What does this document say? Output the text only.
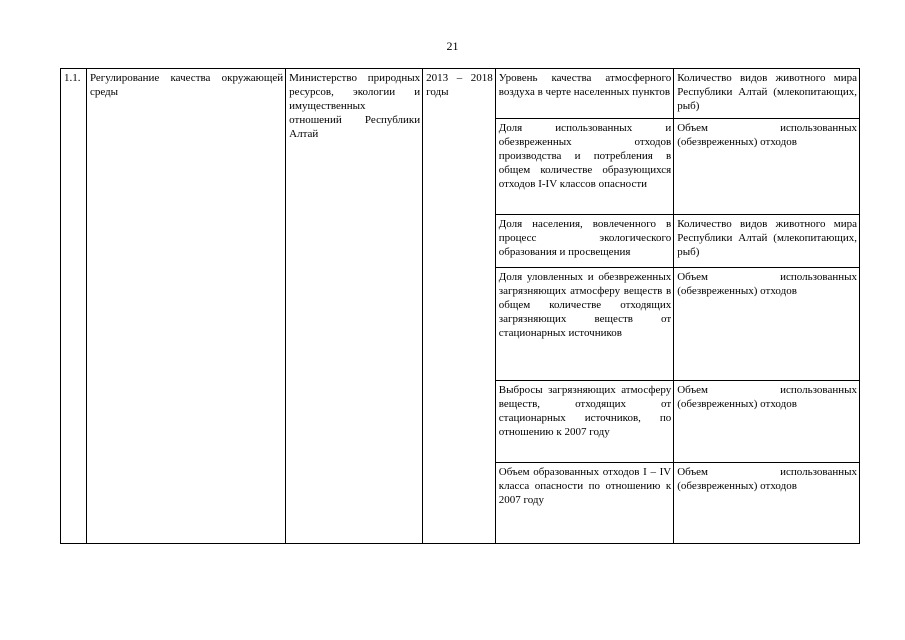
21
1.1.	Регулирование качества окружающей среды	Министерство природных ресурсов, экологии и имущественных отношений Республики Алтай	2013 – 2018 годы	Уровень качества атмосферного воздуха в черте населенных пунктов	Количество видов животного мира Республики Алтай (млекопитающих, рыб)
				Доля использованных и обезвреженных отходов производства и потребления в общем количестве образующихся отходов I-IV классов опасности	Объем использованных (обезвреженных) отходов
				Доля населения, вовлеченного в процесс экологического образования и просвещения	Количество видов животного мира Республики Алтай (млекопитающих, рыб)
				Доля уловленных и обезвреженных загрязняющих атмосферу веществ в общем количестве отходящих загрязняющих веществ от стационарных источников	Объем использованных (обезвреженных) отходов
				Выбросы загрязняющих атмосферу веществ, отходящих от стационарных источников, по отношению к 2007 году	Объем использованных (обезвреженных) отходов
				Объем образованных отходов I – IV класса опасности по отношению к 2007 году	Объем использованных (обезвреженных) отходов
